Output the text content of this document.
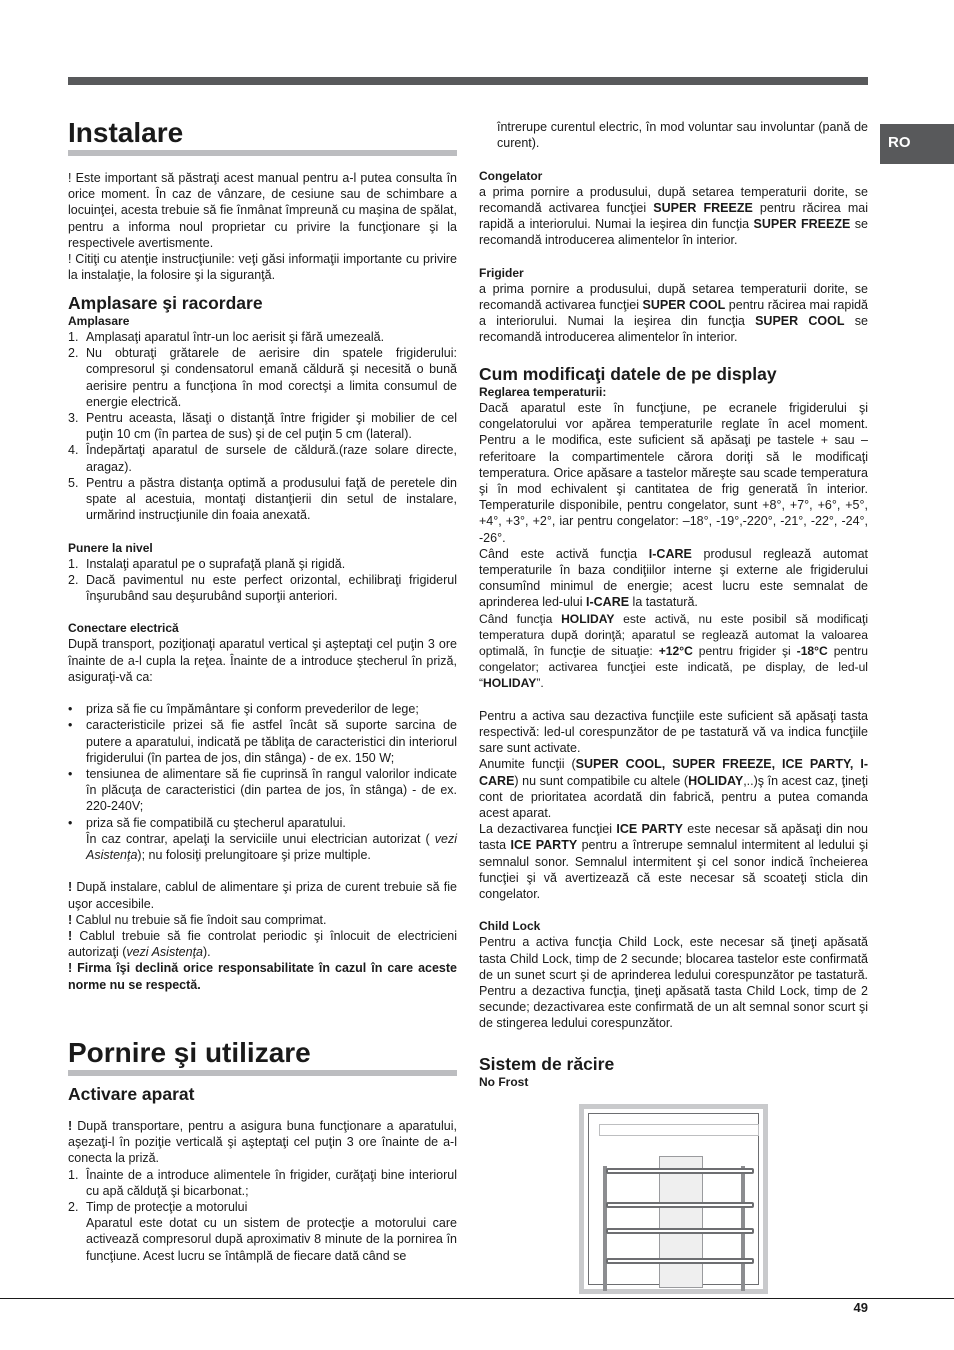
RO
Instalare

! Este important să păstraţi acest manual pentru a-l putea consulta în orice moment. În caz de vânzare, de cesiune sau de schimbare a locuinţei, acesta trebuie să fie înmânat împreună cu maşina de spălat, pentru a informa noul proprietar cu privire la funcţionare şi la respectivele avertismente.

! Citiţi cu atenţie instrucţiunile: veţi găsi informaţii importante cu privire la instalaţie, la folosire şi la siguranţă.

Amplasare şi racordare
Amplasare
1. Amplasaţi aparatul într-un loc aerisit şi fără umezeală.
2. Nu obturaţi grătarele de aerisire din spatele frigiderului: compresorul şi condensatorul emană căldură şi necesită o bună aerisire pentru a funcţiona în mod corectşi a limita consumul de energie electrică.
3. Pentru aceasta, lăsaţi o distanţă între frigider şi mobilier de cel puţin 10 cm (în partea de sus) şi de cel puţin 5 cm (lateral).
4. Îndepărtaţi aparatul de sursele de căldură.(raze solare directe, aragaz).
5. Pentru a păstra distanţa optimă a produsului faţă de peretele din spate al acestuia, montaţi distanţierii din setul de instalare, urmărind instrucţiunile din foaia anexată.
Punere la nivel
1. Instalaţi aparatul pe o suprafaţă plană şi rigidă.
2. Dacă pavimentul nu este perfect orizontal, echilibraţi frigiderul înşurubând sau deşurubând suporţii anteriori.
Conectare electrică

După transport, poziţionaţi aparatul vertical şi aşteptaţi cel puţin 3 ore înainte de a-l cupla la reţea. Înainte de a introduce ştecherul în priză, asiguraţi-vă ca:

• priza să fie cu împământare şi conform prevederilor de lege;
• caracteristicile prizei să fie astfel încât să suporte sarcina de putere a aparatului, indicată pe tăbliţa de caracteristici din interiorul frigiderului (în partea de jos, din stânga) - de ex. 150 W;
• tensiunea de alimentare să fie cuprinsă în rangul valorilor indicate în plăcuţa de caracteristici (din partea de jos, în stânga) - de ex. 220-240V;
• priza să fie compatibilă cu ştecherul aparatului.
În caz contrar, apelaţi la serviciile unui electrician autorizat ( vezi Asistenţa); nu folosiţi prelungitoare şi prize multiple.

! După instalare, cablul de alimentare şi priza de curent trebuie să fie uşor accesibile.

! Cablul nu trebuie să fie îndoit sau comprimat.

! Cablul trebuie să fie controlat periodic şi înlocuit de electricieni autorizaţi (vezi Asistenţa).

! Firma îşi declină orice responsabilitate în cazul în care aceste norme nu se respectă.

Pornire şi utilizare
Activare aparat

! După transportare, pentru a asigura buna funcţionare a aparatului, aşezaţi-l în poziţie verticală şi aşteptaţi cel puţin 3 ore înainte de a-l conecta la priză.

1. Înainte de a introduce alimentele în frigider, curăţaţi bine interiorul cu apă călduţă şi bicarbonat.;
2. Timp de protecţie a motorului
Aparatul este dotat cu un sistem de protecţie a motorului care activează compresorul după aproximativ 8 minute de la pornirea în funcţiune. Acest lucru se întâmplă de fiecare dată când se

întrerupe curentul electric, în mod voluntar sau involuntar (pană de curent).

Congelator

a prima pornire a produsului, după setarea temperaturii dorite, se recomandă activarea funcţiei SUPER FREEZE pentru răcirea mai rapidă a interiorului. Numai la ieşirea din funcţia SUPER FREEZE se recomandă introducerea alimentelor în interior.

Frigider

a prima pornire a produsului, după setarea temperaturii dorite, se recomandă activarea funcţiei SUPER COOL pentru răcirea mai rapidă a interiorului. Numai la ieşirea din funcţia SUPER COOL se recomandă introducerea alimentelor în interior.

Cum modificaţi datele de pe display
Reglarea temperaturii:

Dacă aparatul este în funcţiune, pe ecranele frigiderului şi congelatorului vor apărea temperaturile reglate în acel moment. Pentru a le modifica, este suficient să apăsaţi pe tastele + sau – referitoare la compartimentele cărora doriţi să le modificaţi temperatura. Orice apăsare a tastelor măreşte sau scade temperatura şi în mod echivalent şi cantitatea de frig generată în interior. Temperaturile disponibile, pentru congelator, sunt +8°, +7°, +6°, +5°, +4°, +3°, +2°, iar pentru congelator: –18°, -19°,-220°, -21°, -22°, -24°, -26°.

Când este activă funcţia I-CARE produsul reglează automat temperaturile în baza condiţiilor interne şi externe ale frigiderului consumînd minimul de energie; acest lucru este semnalat de aprinderea led-ului I-CARE la tastatură.

Când funcţia HOLIDAY este activă, nu este posibil să modificaţi temperatura după dorinţă; aparatul se reglează automat la valoarea optimală, în funcţie de situaţie: +12°C pentru frigider şi -18°C pentru congelator; activarea funcţiei este indicată, pe display, de led-ul “HOLIDAY”.

Pentru a activa sau dezactiva funcţiile este suficient să apăsaţi tasta respectivă: led-ul corespunzător de pe tastatură vă va indica funcţiile sare sunt activate.

Anumite funcţii (SUPER COOL, SUPER FREEZE, ICE PARTY, I-CARE) nu sunt compatibile cu altele (HOLIDAY,..)ş în acest caz, ţineţi cont de prioritatea acordată din fabrică, pentru a putea comanda acest aparat.

La dezactivarea funcţiei ICE PARTY este necesar să apăsaţi din nou tasta ICE PARTY pentru a întrerupe semnalul intermitent al ledului şi semnalul sonor. Semnalul intermitent şi cel sonor indică încheierea funcţiei şi vă avertizează că este necesar să scoateţi sticla din congelator.

Child Lock

Pentru a activa funcţia Child Lock, este necesar să ţineţi apăsată tasta Child Lock, timp de 2 secunde; blocarea tastelor este confirmată de un sunet scurt şi de aprinderea ledului corespunzător pe tastatură. Pentru a dezactiva funcţia, ţineţi apăsată tasta Child Lock, timp de 2 secunde; dezactivarea este confirmată de un alt semnal sonor scurt şi de stingerea ledului corespunzător.

Sistem de răcire
No Frost
49
